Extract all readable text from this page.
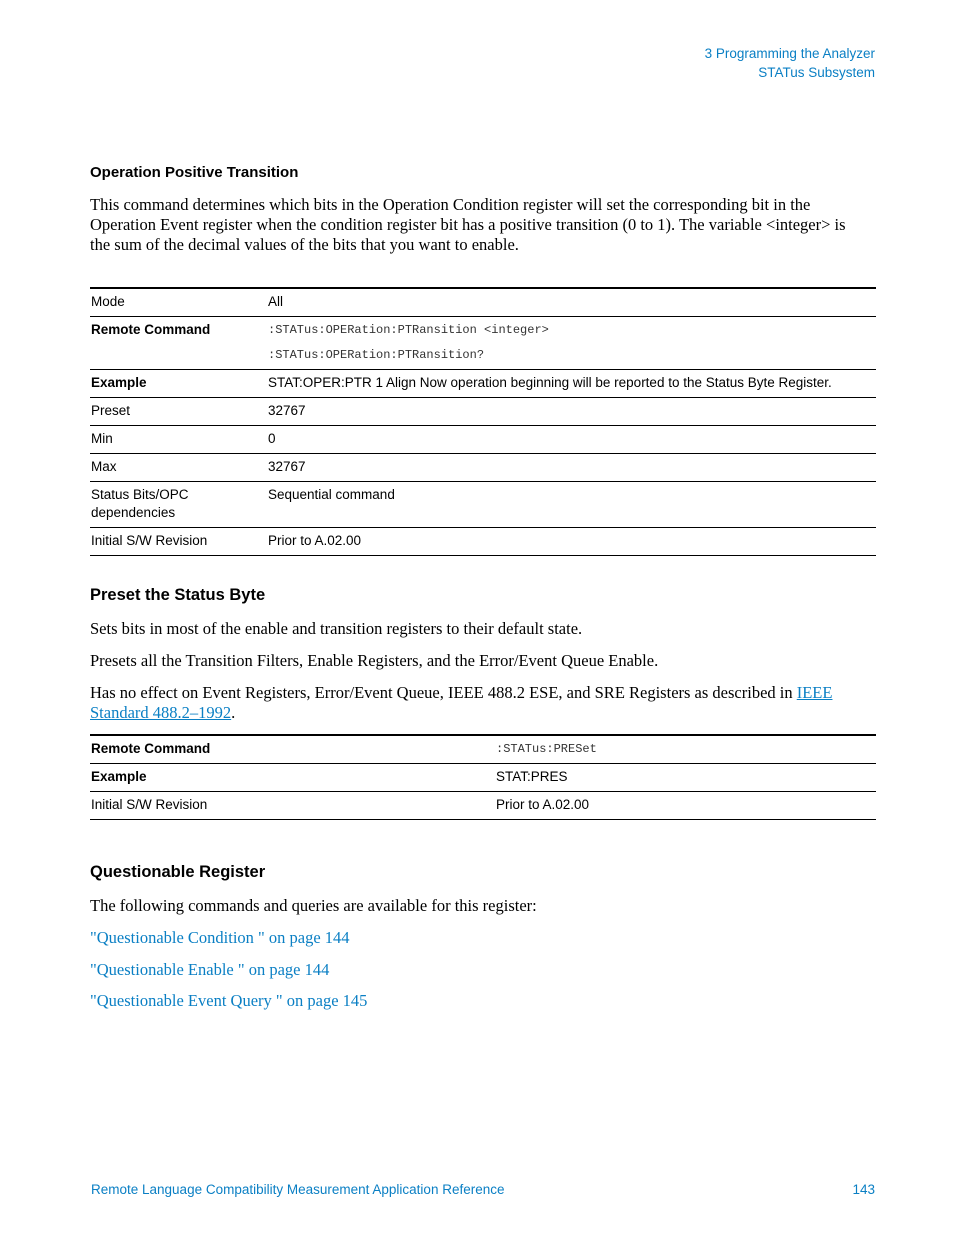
3 Programming the Analyzer
STATus Subsystem
Operation Positive Transition

This command determines which bits in the Operation Condition register will set the corresponding bit in the Operation Event register when the condition register bit has a positive transition (0 to 1). The variable <integer> is the sum of the decimal values of the bits that you want to enable.

Mode	All
Remote Command	:STATus:OPERation:PTRansition <integer>
:STATus:OPERation:PTRansition?

Example	STAT:OPER:PTR 1 Align Now operation beginning will be reported to the Status Byte Register.
Preset	32767
Min	0
Max	32767
Status Bits/OPC dependencies	Sequential command
Initial S/W Revision	Prior to A.02.00
Preset the Status Byte

Sets bits in most of the enable and transition registers to their default state.

Presets all the Transition Filters, Enable Registers, and the Error/Event Queue Enable.

Has no effect on Event Registers, Error/Event Queue, IEEE 488.2 ESE, and SRE Registers as described in IEEE Standard 488.2–1992.

Remote Command	:STATus:PRESet
Example	STAT:PRES
Initial S/W Revision	Prior to A.02.00
Questionable Register

The following commands and queries are available for this register:

"Questionable Condition " on page 144
"Questionable Enable " on page 144
"Questionable Event Query " on page 145
Remote Language Compatibility Measurement Application Reference	143
